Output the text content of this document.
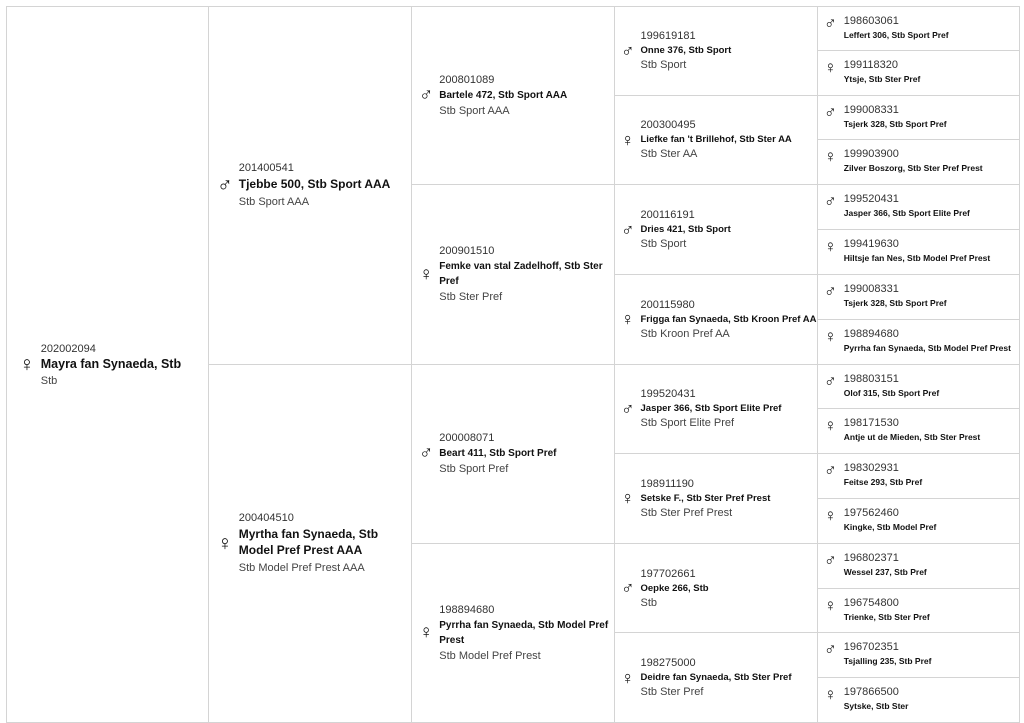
♀
202002094
Mayra fan Synaeda, Stb
Stb
♂
201400541
Tjebbe 500, Stb Sport AAA
Stb Sport AAA
♀
200404510
Myrtha fan Synaeda, Stb Model Pref Prest AAA
Stb Model Pref Prest AAA
♂
200801089
Bartele 472, Stb Sport AAA
Stb Sport AAA
♀
200901510
Femke van stal Zadelhoff, Stb Ster Pref
Stb Ster Pref
♂
200008071
Beart 411, Stb Sport Pref
Stb Sport Pref
♀
198894680
Pyrrha fan Synaeda, Stb Model Pref Prest
Stb Model Pref Prest
♂
199619181
Onne 376, Stb Sport
Stb Sport
♀
200300495
Liefke fan 't Brillehof, Stb Ster AA
Stb Ster AA
♂
200116191
Dries 421, Stb Sport
Stb Sport
♀
200115980
Frigga fan Synaeda, Stb Kroon Pref AA
Stb Kroon Pref AA
♂
199520431
Jasper 366, Stb Sport Elite Pref
Stb Sport Elite Pref
♀
198911190
Setske F., Stb Ster Pref Prest
Stb Ster Pref Prest
♂
197702661
Oepke 266, Stb
Stb
♀
198275000
Deidre fan Synaeda, Stb Ster Pref
Stb Ster Pref
♂ 198603061
Leffert 306, Stb Sport Pref
♀ 199118320
Ytsje, Stb Ster Pref
♂ 199008331
Tsjerk 328, Stb Sport Pref
♀ 199903900
Zilver Boszorg, Stb Ster Pref Prest
♂ 199520431
Jasper 366, Stb Sport Elite Pref
♀ 199419630
Hiltsje fan Nes, Stb Model Pref Prest
♂ 199008331
Tsjerk 328, Stb Sport Pref
♀ 198894680
Pyrrha fan Synaeda, Stb Model Pref Prest
♂ 198803151
Olof 315, Stb Sport Pref
♀ 198171530
Antje ut de Mieden, Stb Ster Prest
♂ 198302931
Feitse 293, Stb Pref
♀ 197562460
Kingke, Stb Model Pref
♂ 196802371
Wessel 237, Stb Pref
♀ 196754800
Trienke, Stb Ster Pref
♂ 196702351
Tsjalling 235, Stb Pref
♀ 197866500
Sytske, Stb Ster
